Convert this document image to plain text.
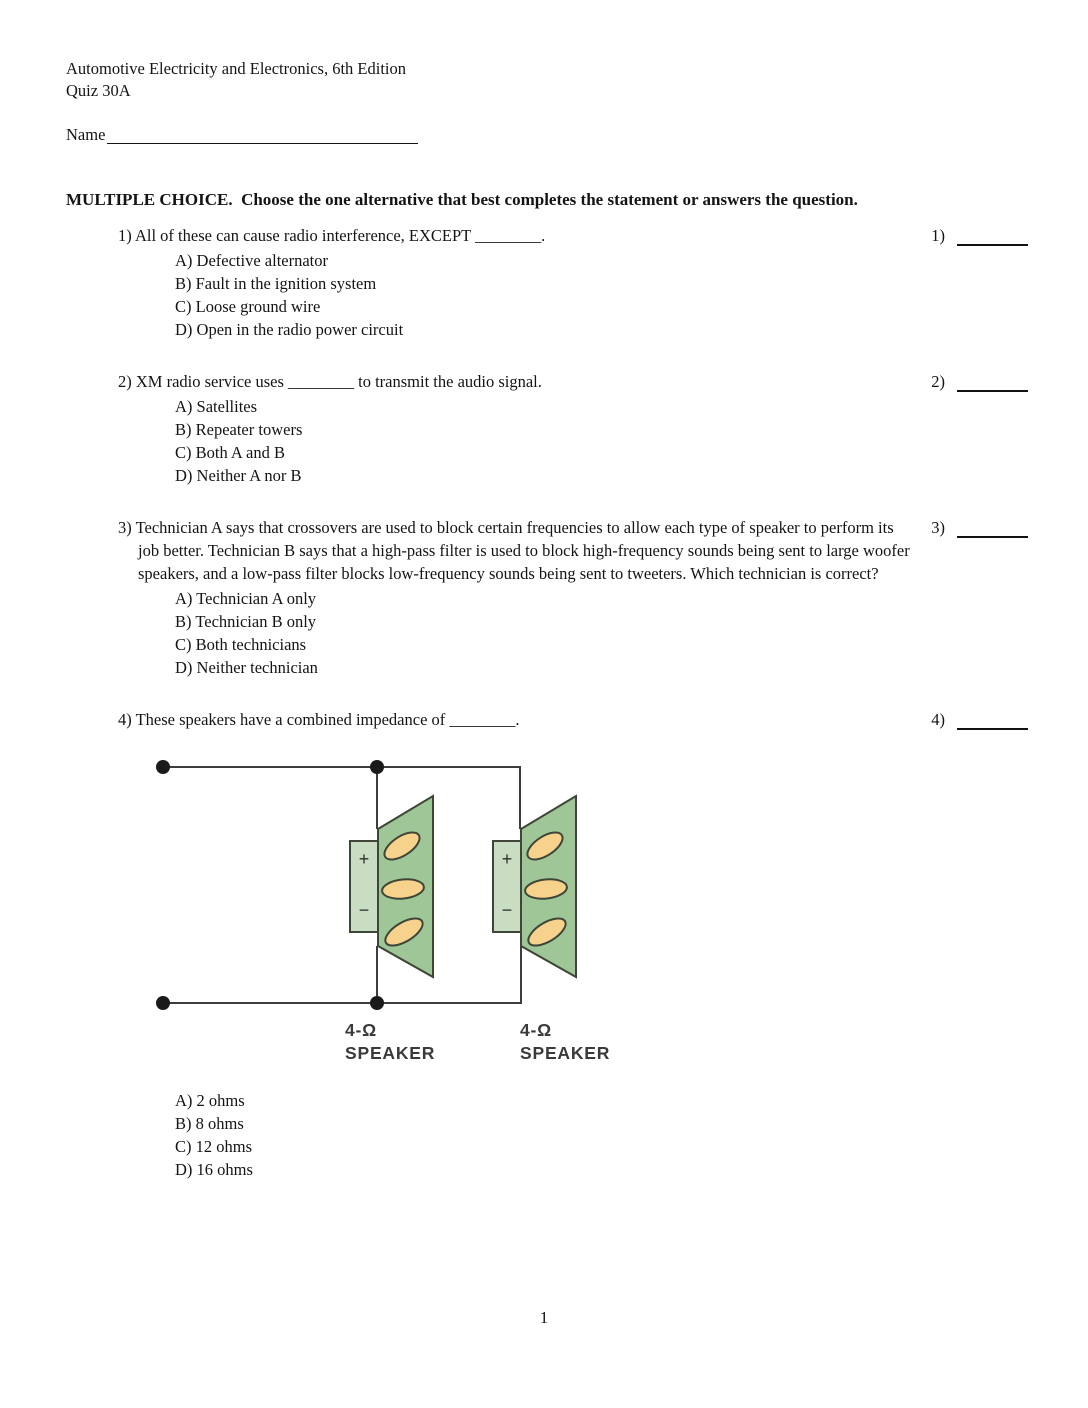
Automotive Electricity and Electronics, 6th Edition
Quiz 30A
Name
MULTIPLE CHOICE.  Choose the one alternative that best completes the statement or answers the question.
1) All of these can cause radio interference, EXCEPT ________.	1)
A) Defective alternator
B) Fault in the ignition system
C) Loose ground wire
D) Open in the radio power circuit
2) XM radio service uses ________ to transmit the audio signal.	2)
A) Satellites
B) Repeater towers
C) Both A and B
D) Neither A nor B
3) Technician A says that crossovers are used to block certain frequencies to allow each type of speaker to perform its job better. Technician B says that a high-pass filter is used to block high-frequency sounds being sent to large woofer speakers, and a low-pass filter blocks low-frequency sounds being sent to tweeters. Which technician is correct?
3)
A) Technician A only
B) Technician B only
C) Both technicians
D) Neither technician
4) These speakers have a combined impedance of ________.	4)
+
−
+
−
4-Ω
SPEAKER
4-Ω
SPEAKER
A) 2 ohms
B) 8 ohms
C) 12 ohms
D) 16 ohms
1
